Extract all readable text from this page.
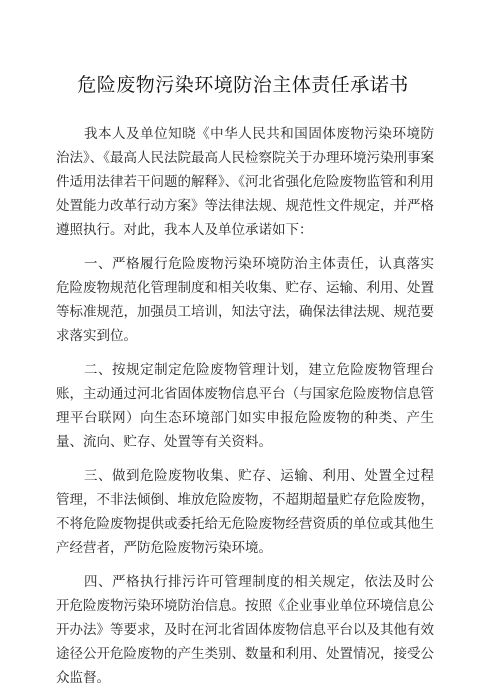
危险废物污染环境防治主体责任承诺书

我本人及单位知晓《中华人民共和国固体废物污染环境防治法》、《最高人民法院最高人民检察院关于办理环境污染刑事案件适用法律若干问题的解释》、《河北省强化危险废物监管和利用处置能力改革行动方案》等法律法规、规范性文件规定，并严格遵照执行。对此，我本人及单位承诺如下：

一、严格履行危险废物污染环境防治主体责任，认真落实危险废物规范化管理制度和相关收集、贮存、运输、利用、处置等标准规范，加强员工培训，知法守法，确保法律法规、规范要求落实到位。

二、按规定制定危险废物管理计划，建立危险废物管理台账，主动通过河北省固体废物信息平台（与国家危险废物信息管理平台联网）向生态环境部门如实申报危险废物的种类、产生量、流向、贮存、处置等有关资料。

三、做到危险废物收集、贮存、运输、利用、处置全过程管理，不非法倾倒、堆放危险废物，不超期超量贮存危险废物，不将危险废物提供或委托给无危险废物经营资质的单位或其他生产经营者，严防危险废物污染环境。

四、严格执行排污许可管理制度的相关规定，依法及时公开危险废物污染环境防治信息。按照《企业事业单位环境信息公开办法》等要求，及时在河北省固体废物信息平台以及其他有效途径公开危险废物的产生类别、数量和利用、处置情况，接受公众监督。
